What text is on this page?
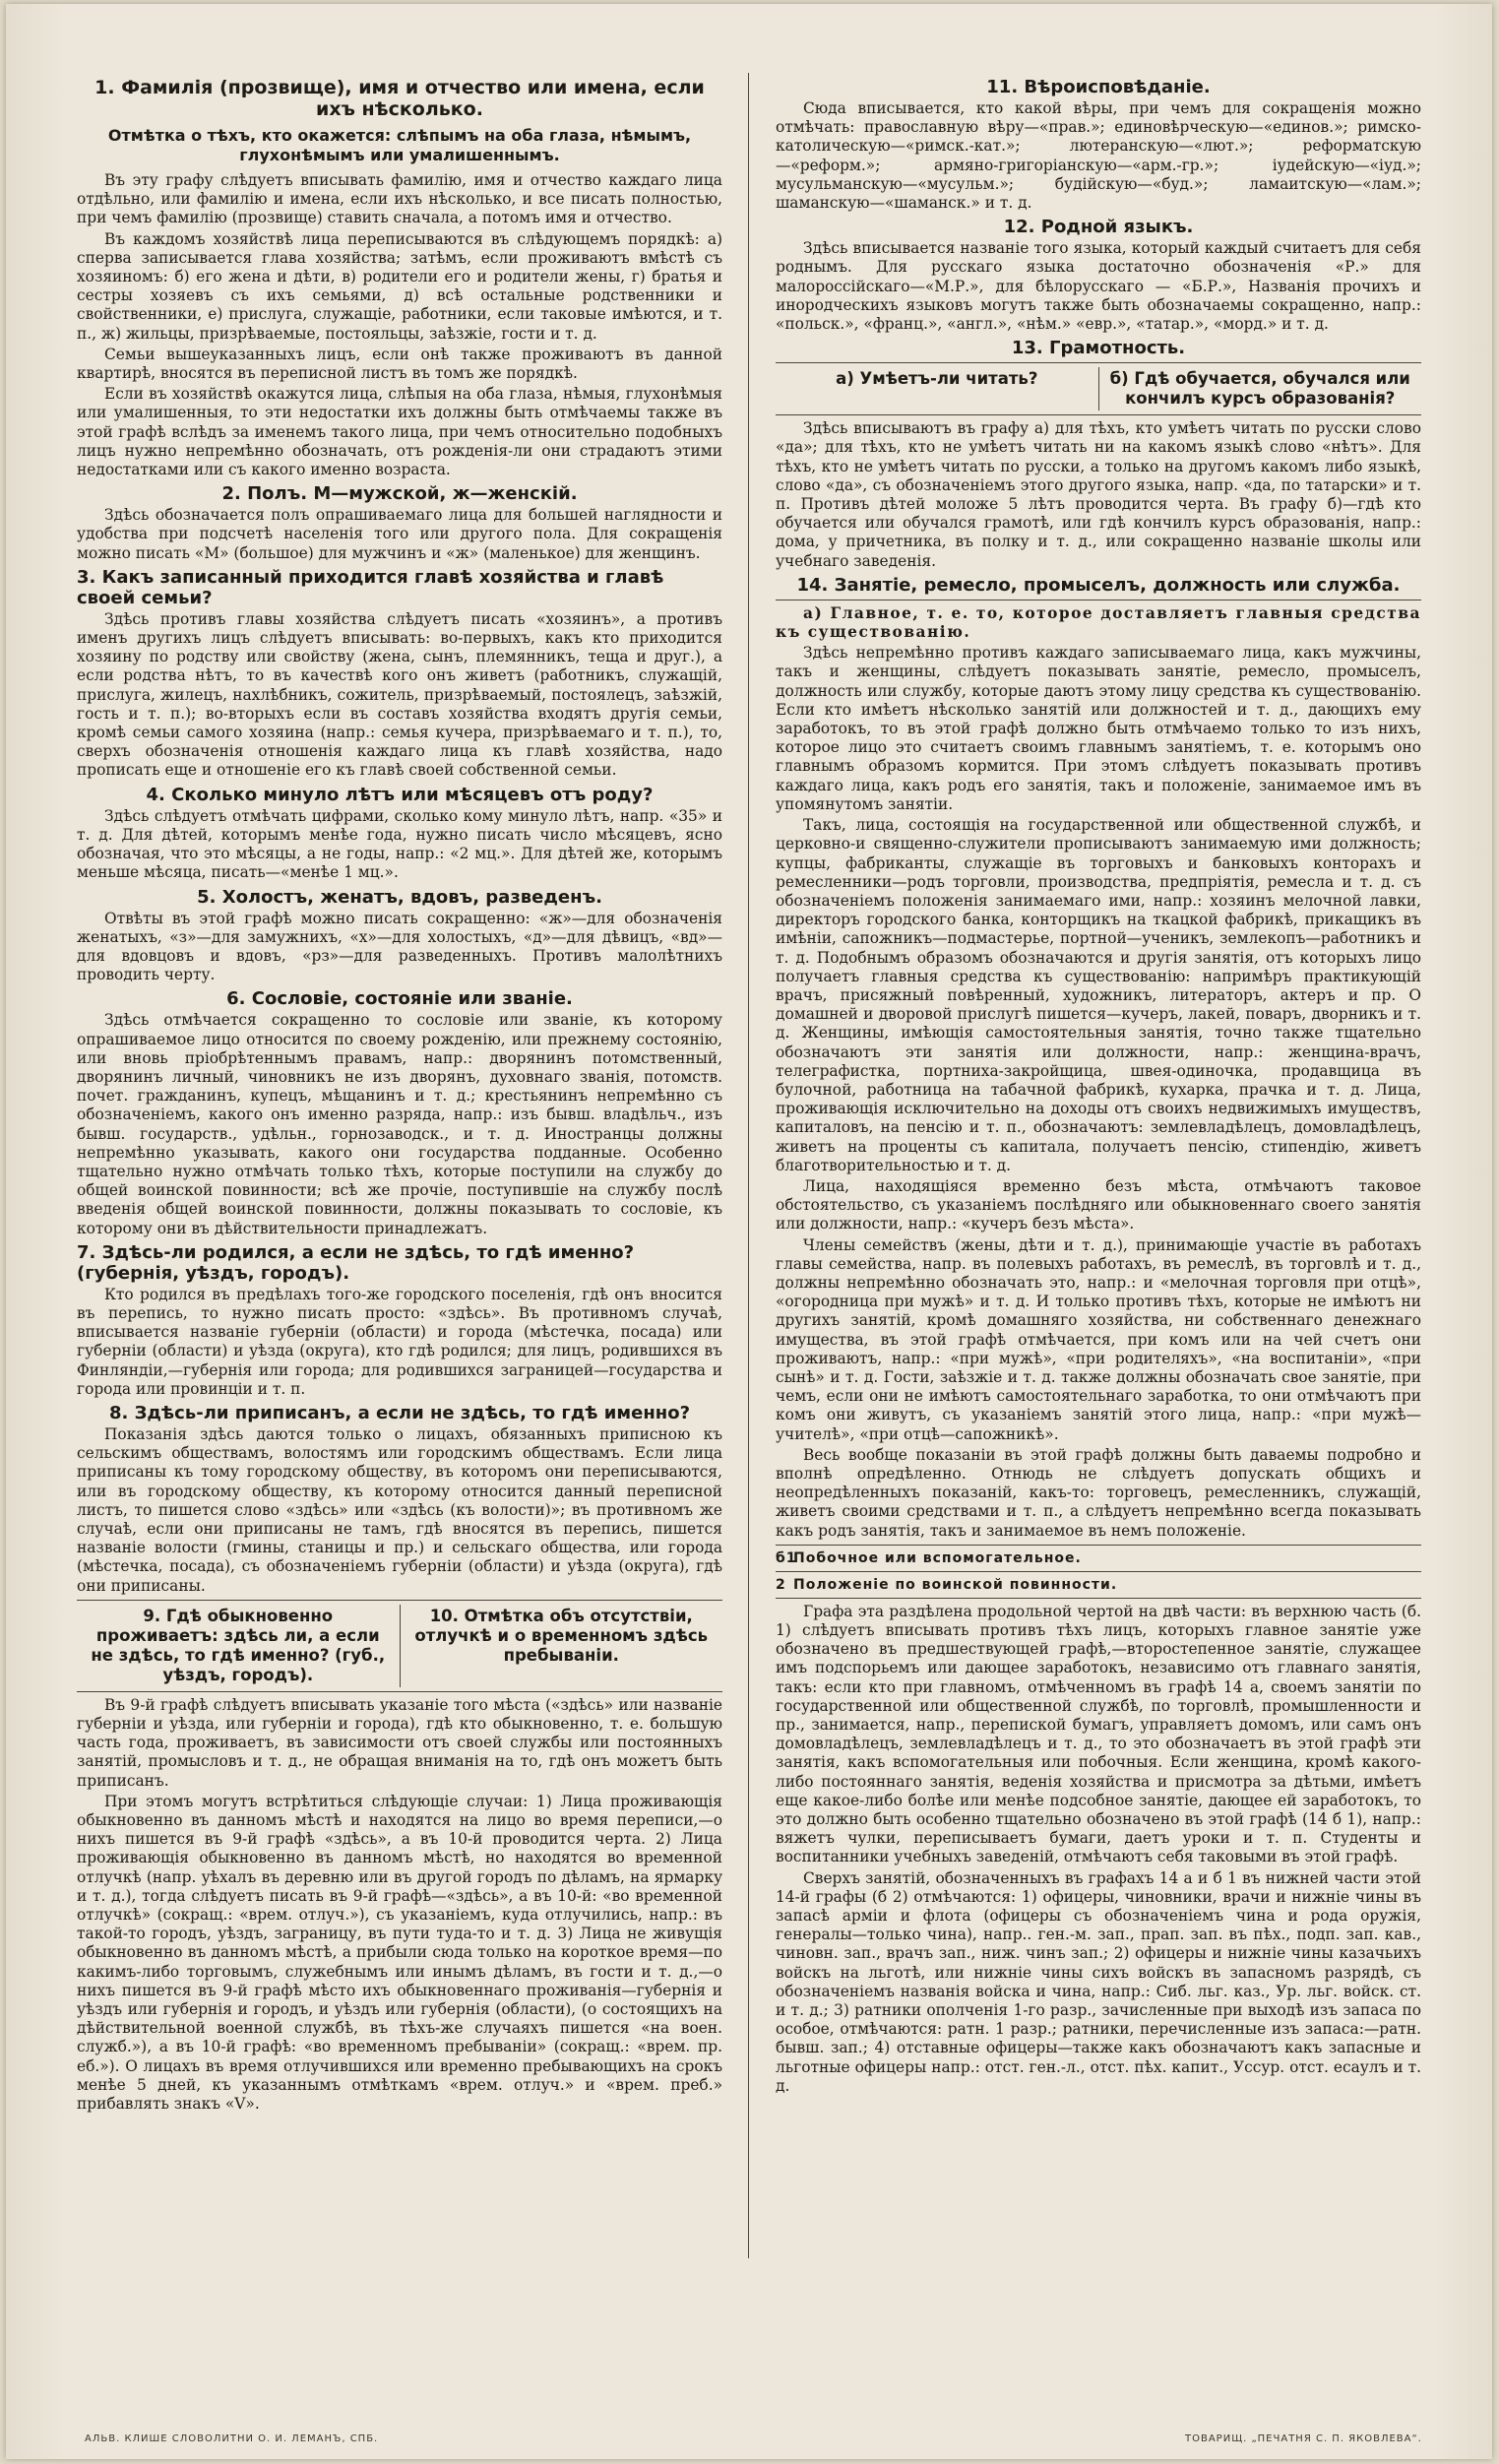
1. Фамилія (прозвище), имя и отчество или имена, если ихъ нѣсколько.
Отмѣтка о тѣхъ, кто окажется: слѣпымъ на оба глаза, нѣмымъ, глухонѣмымъ или умалишеннымъ.

Въ эту графу слѣдуетъ вписывать фамилію, имя и отчество каждаго лица отдѣльно, или фамилію и имена, если ихъ нѣсколько, и все писать полностью, при чемъ фамилію (прозвище) ставить сначала, а потомъ имя и отчество.

Въ каждомъ хозяйствѣ лица переписываются въ слѣдующемъ порядкѣ: а) сперва записывается глава хозяйства; затѣмъ, если проживаютъ вмѣстѣ съ хозяиномъ: б) его жена и дѣти, в) родители его и родители жены, г) братья и сестры хозяевъ съ ихъ семьями, д) всѣ остальные родственники и свойственники, е) прислуга, служащіе, работники, если таковые имѣются, и т. п., ж) жильцы, призрѣваемые, постояльцы, заѣзжіе, гости и т. д.

Семьи вышеуказанныхъ лицъ, если онѣ также проживаютъ въ данной квартирѣ, вносятся въ переписной листъ въ томъ же порядкѣ.

Если въ хозяйствѣ окажутся лица, слѣпыя на оба глаза, нѣмыя, глухонѣмыя или умалишенныя, то эти недостатки ихъ должны быть отмѣчаемы также въ этой графѣ вслѣдъ за именемъ такого лица, при чемъ относительно подобныхъ лицъ нужно непремѣнно обозначать, отъ рожденія-ли они страдаютъ этими недостатками или съ какого именно возраста.

2. Полъ. М—мужской, ж—женскій.

Здѣсь обозначается полъ опрашиваемаго лица для большей наглядности и удобства при подсчетѣ населенія того или другого пола. Для сокращенія можно писать «М» (большое) для мужчинъ и «ж» (маленькое) для женщинъ.

3. Какъ записанный приходится главѣ хозяйства и главѣ своей семьи?

Здѣсь противъ главы хозяйства слѣдуетъ писать «хозяинъ», а противъ именъ другихъ лицъ слѣдуетъ вписывать: во-первыхъ, какъ кто приходится хозяину по родству или свойству (жена, сынъ, племянникъ, теща и друг.), а если родства нѣтъ, то въ качествѣ кого онъ живетъ (работникъ, служащій, прислуга, жилецъ, нахлѣбникъ, сожитель, призрѣваемый, постоялецъ, заѣзжій, гость и т. п.); во-вторыхъ если въ составъ хозяйства входятъ другія семьи, кромѣ семьи самого хозяина (напр.: семья кучера, призрѣваемаго и т. п.), то, сверхъ обозначенія отношенія каждаго лица къ главѣ хозяйства, надо прописать еще и отношеніе его къ главѣ своей собственной семьи.

4. Сколько минуло лѣтъ или мѣсяцевъ отъ роду?

Здѣсь слѣдуетъ отмѣчать цифрами, сколько кому минуло лѣтъ, напр. «35» и т. д. Для дѣтей, которымъ менѣе года, нужно писать число мѣсяцевъ, ясно обозначая, что это мѣсяцы, а не годы, напр.: «2 мц.». Для дѣтей же, которымъ меньше мѣсяца, писать—«менѣе 1 мц.».

5. Холостъ, женатъ, вдовъ, разведенъ.

Отвѣты въ этой графѣ можно писать сокращенно: «ж»—для обозначенія женатыхъ, «з»—для замужнихъ, «х»—для холостыхъ, «д»—для дѣвицъ, «вд»—для вдовцовъ и вдовъ, «рз»—для разведенныхъ. Противъ малолѣтнихъ проводить черту.

6. Сословіе, состояніе или званіе.

Здѣсь отмѣчается сокращенно то сословіе или званіе, къ которому опрашиваемое лицо относится по своему рожденію, или прежнему состоянію, или вновь пріобрѣтеннымъ правамъ, напр.: дворянинъ потомственный, дворянинъ личный, чиновникъ не изъ дворянъ, духовнаго званія, потомств. почет. гражданинъ, купецъ, мѣщанинъ и т. д.; крестьянинъ непремѣнно съ обозначеніемъ, какого онъ именно разряда, напр.: изъ бывш. владѣльч., изъ бывш. государств., удѣльн., горнозаводск., и т. д. Иностранцы должны непремѣнно указывать, какого они государства подданные. Особенно тщательно нужно отмѣчать только тѣхъ, которые поступили на службу до общей воинской повинности; всѣ же прочіе, поступившіе на службу послѣ введенія общей воинской повинности, должны показывать то сословіе, къ которому они въ дѣйствительности принадлежатъ.

7. Здѣсь-ли родился, а если не здѣсь, то гдѣ именно? (губернія, уѣздъ, городъ).

Кто родился въ предѣлахъ того-же городского поселенія, гдѣ онъ вносится въ перепись, то нужно писать просто: «здѣсь». Въ противномъ случаѣ, вписывается названіе губерніи (области) и города (мѣстечка, посада) или губерніи (области) и уѣзда (округа), кто гдѣ родился; для лицъ, родившихся въ Финляндіи,—губернія или города; для родившихся заграницей—государства и города или провинціи и т. п.

8. Здѣсь-ли приписанъ, а если не здѣсь, то гдѣ именно?

Показанія здѣсь даются только о лицахъ, обязанныхъ приписною къ сельскимъ обществамъ, волостямъ или городскимъ обществамъ. Если лица приписаны къ тому городскому обществу, въ которомъ они переписываются, или въ городскому обществу, къ которому относится данный переписной листъ, то пишется слово «здѣсь» или «здѣсь (къ волости)»; въ противномъ же случаѣ, если они приписаны не тамъ, гдѣ вносятся въ перепись, пишется названіе волости (гмины, станицы и пр.) и сельскаго общества, или города (мѣстечка, посада), съ обозначеніемъ губерніи (области) и уѣзда (округа), гдѣ они приписаны.

9. Гдѣ обыкновенно проживаетъ: здѣсь ли, а если не здѣсь, то гдѣ именно? (губ., уѣздъ, городъ).
10. Отмѣтка объ отсутствіи, отлучкѣ и о временномъ здѣсь пребываніи.

Въ 9-й графѣ слѣдуетъ вписывать указаніе того мѣста («здѣсь» или названіе губерніи и уѣзда, или губерніи и города), гдѣ кто обыкновенно, т. е. большую часть года, проживаетъ, въ зависимости отъ своей службы или постоянныхъ занятій, промысловъ и т. д., не обращая вниманія на то, гдѣ онъ можетъ быть приписанъ.

При этомъ могутъ встрѣтиться слѣдующіе случаи: 1) Лица проживающія обыкновенно въ данномъ мѣстѣ и находятся на лицо во время переписи,—о нихъ пишется въ 9-й графѣ «здѣсь», а въ 10-й проводится черта. 2) Лица проживающія обыкновенно въ данномъ мѣстѣ, но находятся во временной отлучкѣ (напр. уѣхалъ въ деревню или въ другой городъ по дѣламъ, на ярмарку и т. д.), тогда слѣдуетъ писать въ 9-й графѣ—«здѣсь», а въ 10-й: «во временной отлучкѣ» (сокращ.: «врем. отлуч.»), съ указаніемъ, куда отлучились, напр.: въ такой-то городъ, уѣздъ, заграницу, въ пути туда-то и т. д. 3) Лица не живущія обыкновенно въ данномъ мѣстѣ, а прибыли сюда только на короткое время—по какимъ-либо торговымъ, служебнымъ или инымъ дѣламъ, въ гости и т. д.,—о нихъ пишется въ 9-й графѣ мѣсто ихъ обыкновеннаго проживанія—губернія и уѣздъ или губернія и городъ, и уѣздъ или губернія (области), (о состоящихъ на дѣйствительной военной службѣ, въ тѣхъ-же случаяхъ пишется «на воен. служб.»), а въ 10-й графѣ: «во временномъ пребываніи» (сокращ.: «врем. пр. еб.»). О лицахъ въ время отлучившихся или временно пребывающихъ на срокъ менѣе 5 дней, къ указаннымъ отмѣткамъ «врем. отлуч.» и «врем. преб.» прибавлять знакъ «V».

11. Вѣроисповѣданіе.

Сюда вписывается, кто какой вѣры, при чемъ для сокращенія можно отмѣчать: православную вѣру—«прав.»; единовѣрческую—«единов.»; римско-католическую—«римск.-кат.»; лютеранскую—«лют.»; реформатскую—«реформ.»; армяно-григоріанскую—«арм.-гр.»; іудейскую—«іуд.»; мусульманскую—«мусульм.»; будійскую—«буд.»; ламаитскую—«лам.»; шаманскую—«шаманск.» и т. д.

12. Родной языкъ.

Здѣсь вписывается названіе того языка, который каждый считаетъ для себя роднымъ. Для русскаго языка достаточно обозначенія «Р.» для малороссійскаго—«М.Р.», для бѣлорусскаго — «Б.Р.», Названія прочихъ и инородческихъ языковъ могутъ также быть обозначаемы сокращенно, напр.: «польск.», «франц.», «англ.», «нѣм.» «евр.», «татар.», «морд.» и т. д.

13. Грамотность.
а) Умѣетъ-ли читать?	б) Гдѣ обучается, обучался или кончилъ курсъ образованія?

Здѣсь вписываютъ въ графу а) для тѣхъ, кто умѣетъ читать по русски слово «да»; для тѣхъ, кто не умѣетъ читать ни на какомъ языкѣ слово «нѣтъ». Для тѣхъ, кто не умѣетъ читать по русски, а только на другомъ какомъ либо языкѣ, слово «да», съ обозначеніемъ этого другого языка, напр. «да, по татарски» и т. п. Противъ дѣтей моложе 5 лѣтъ проводится черта. Въ графу б)—гдѣ кто обучается или обучался грамотѣ, или гдѣ кончилъ курсъ образованія, напр.: дома, у причетника, въ полку и т. д., или сокращенно названіе школы или учебнаго заведенія.

14. Занятіе, ремесло, промыселъ, должность или служба.

а) Главное, т. е. то, которое доставляетъ главныя средства къ существованію.

Здѣсь непремѣнно противъ каждаго записываемаго лица, какъ мужчины, такъ и женщины, слѣдуетъ показывать занятіе, ремесло, промыселъ, должность или службу, которые даютъ этому лицу средства къ существованію. Если кто имѣетъ нѣсколько занятій или должностей и т. д., дающихъ ему заработокъ, то въ этой графѣ должно быть отмѣчаемо только то изъ нихъ, которое лицо это считаетъ своимъ главнымъ занятіемъ, т. е. которымъ оно главнымъ образомъ кормится. При этомъ слѣдуетъ показывать противъ каждаго лица, какъ родъ его занятія, такъ и положеніе, занимаемое имъ въ упомянутомъ занятіи.

Такъ, лица, состоящія на государственной или общественной службѣ, и церковно-и священно-служители прописываютъ занимаемую ими должность; купцы, фабриканты, служащіе въ торговыхъ и банковыхъ конторахъ и ремесленники—родъ торговли, производства, предпріятія, ремесла и т. д. съ обозначеніемъ положенія занимаемаго ими, напр.: хозяинъ мелочной лавки, директоръ городского банка, конторщикъ на ткацкой фабрикѣ, прикащикъ въ имѣніи, сапожникъ—подмастерье, портной—ученикъ, землекопъ—работникъ и т. д. Подобнымъ образомъ обозначаются и другія занятія, отъ которыхъ лицо получаетъ главныя средства къ существованію: напримѣръ практикующій врачъ, присяжный повѣренный, художникъ, литераторъ, актеръ и пр. О домашней и дворовой прислугѣ пишется—кучеръ, лакей, поваръ, дворникъ и т. д. Женщины, имѣющія самостоятельныя занятія, точно также тщательно обозначаютъ эти занятія или должности, напр.: женщина-врачъ, телеграфистка, портниха-закройщица, швея-одиночка, продавщица въ булочной, работница на табачной фабрикѣ, кухарка, прачка и т. д. Лица, проживающія исключительно на доходы отъ своихъ недвижимыхъ имуществъ, капиталовъ, на пенсію и т. п., обозначаютъ: землевладѣлецъ, домовладѣлецъ, живетъ на проценты съ капитала, получаетъ пенсію, стипендію, живетъ благотворительностью и т. д.

Лица, находящіяся временно безъ мѣста, отмѣчаютъ таковое обстоятельство, съ указаніемъ послѣдняго или обыкновеннаго своего занятія или должности, напр.: «кучеръ безъ мѣста».

Члены семействъ (жены, дѣти и т. д.), принимающіе участіе въ работахъ главы семейства, напр. въ полевыхъ работахъ, въ ремеслѣ, въ торговлѣ и т. д., должны непремѣнно обозначать это, напр.: и «мелочная торговля при отцѣ», «огородница при мужѣ» и т. д. И только противъ тѣхъ, которые не имѣютъ ни другихъ занятій, кромѣ домашняго хозяйства, ни собственнаго денежнаго имущества, въ этой графѣ отмѣчается, при комъ или на чей счетъ они проживаютъ, напр.: «при мужѣ», «при родителяхъ», «на воспитаніи», «при сынѣ» и т. д. Гости, заѣзжіе и т. д. также должны обозначать свое занятіе, при чемъ, если они не имѣютъ самостоятельнаго заработка, то они отмѣчаютъ при комъ они живутъ, съ указаніемъ занятій этого лица, напр.: «при мужѣ—учителѣ», «при отцѣ—сапожникѣ».

Весь вообще показаніи въ этой графѣ должны быть даваемы подробно и вполнѣ опредѣленно. Отнюдь не слѣдуетъ допускать общихъ и неопредѣленныхъ показаній, какъ-то: торговецъ, ремесленникъ, служащій, живетъ своими средствами и т. п., а слѣдуетъ непремѣнно всегда показывать какъ родъ занятія, такъ и занимаемое въ немъ положеніе.

б1Побочное или вспомогательное.
2 Положеніе по воинской повинности.

Графа эта раздѣлена продольной чертой на двѣ части: въ верхнюю часть (б. 1) слѣдуетъ вписывать противъ тѣхъ лицъ, которыхъ главное занятіе уже обозначено въ предшествующей графѣ,—второстепенное занятіе, служащее имъ подспорьемъ или дающее заработокъ, независимо отъ главнаго занятія, такъ: если кто при главномъ, отмѣченномъ въ графѣ 14 а, своемъ занятіи по государственной или общественной службѣ, по торговлѣ, промышленности и пр., занимается, напр., перепиской бумагъ, управляетъ домомъ, или самъ онъ домовладѣлецъ, землевладѣлецъ и т. д., то это обозначаетъ въ этой графѣ эти занятія, какъ вспомогательныя или побочныя. Если женщина, кромѣ какого-либо постояннаго занятія, веденія хозяйства и присмотра за дѣтьми, имѣетъ еще какое-либо болѣе или менѣе подсобное занятіе, дающее ей заработокъ, то это должно быть особенно тщательно обозначено въ этой графѣ (14 б 1), напр.: вяжетъ чулки, переписываетъ бумаги, даетъ уроки и т. п. Студенты и воспитанники учебныхъ заведеній, отмѣчаютъ себя таковыми въ этой графѣ.

Сверхъ занятій, обозначенныхъ въ графахъ 14 а и б 1 въ нижней части этой 14-й графы (б 2) отмѣчаются: 1) офицеры, чиновники, врачи и нижніе чины въ запасѣ арміи и флота (офицеры съ обозначеніемъ чина и рода оружія, генералы—только чина), напр.. ген.-м. зап., прап. зап. въ пѣх., подп. зап. кав., чиновн. зап., врачъ зап., ниж. чинъ зап.; 2) офицеры и нижніе чины казачьихъ войскъ на льготѣ, или нижніе чины сихъ войскъ въ запасномъ разрядѣ, съ обозначеніемъ названія войска и чина, напр.: Сиб. льг. каз., Ур. льг. войск. ст. и т. д.; 3) ратники ополченія 1-го разр., зачисленные при выходѣ изъ запаса по особое, отмѣчаются: ратн. 1 разр.; ратники, перечисленные изъ запаса:—ратн. бывш. зап.; 4) отставные офицеры—также какъ обозначаютъ какъ запасные и льготные офицеры напр.: отст. ген.-л., отст. пѣх. капит., Уссур. отст. есаулъ и т. д.

АЛЬВ. КЛИШЕ СЛОВОЛИТНИ О. И. ЛЕМАНЪ, СПБ.	ТОВАРИЩ. „ПЕЧАТНЯ С. П. ЯКОВЛЕВА“.
